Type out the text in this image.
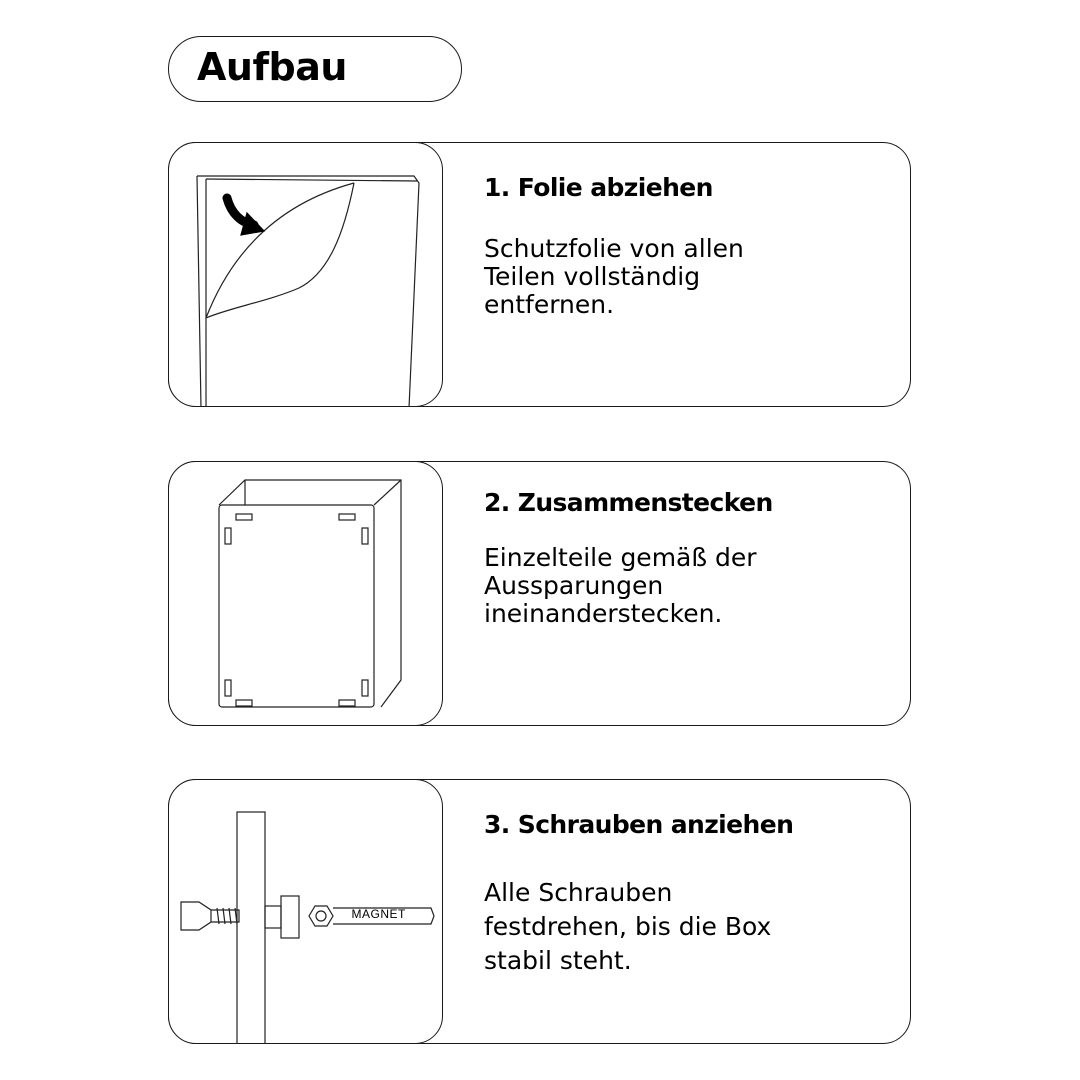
Aufbau
1. Folie abziehen
Schutzfolie von allen
Teilen vollständig
entfernen.
2. Zusammenstecken
Einzelteile gemäß der
Aussparungen
ineinanderstecken.
MAGNET
3. Schrauben anziehen
Alle Schrauben
festdrehen, bis die Box
stabil steht.
